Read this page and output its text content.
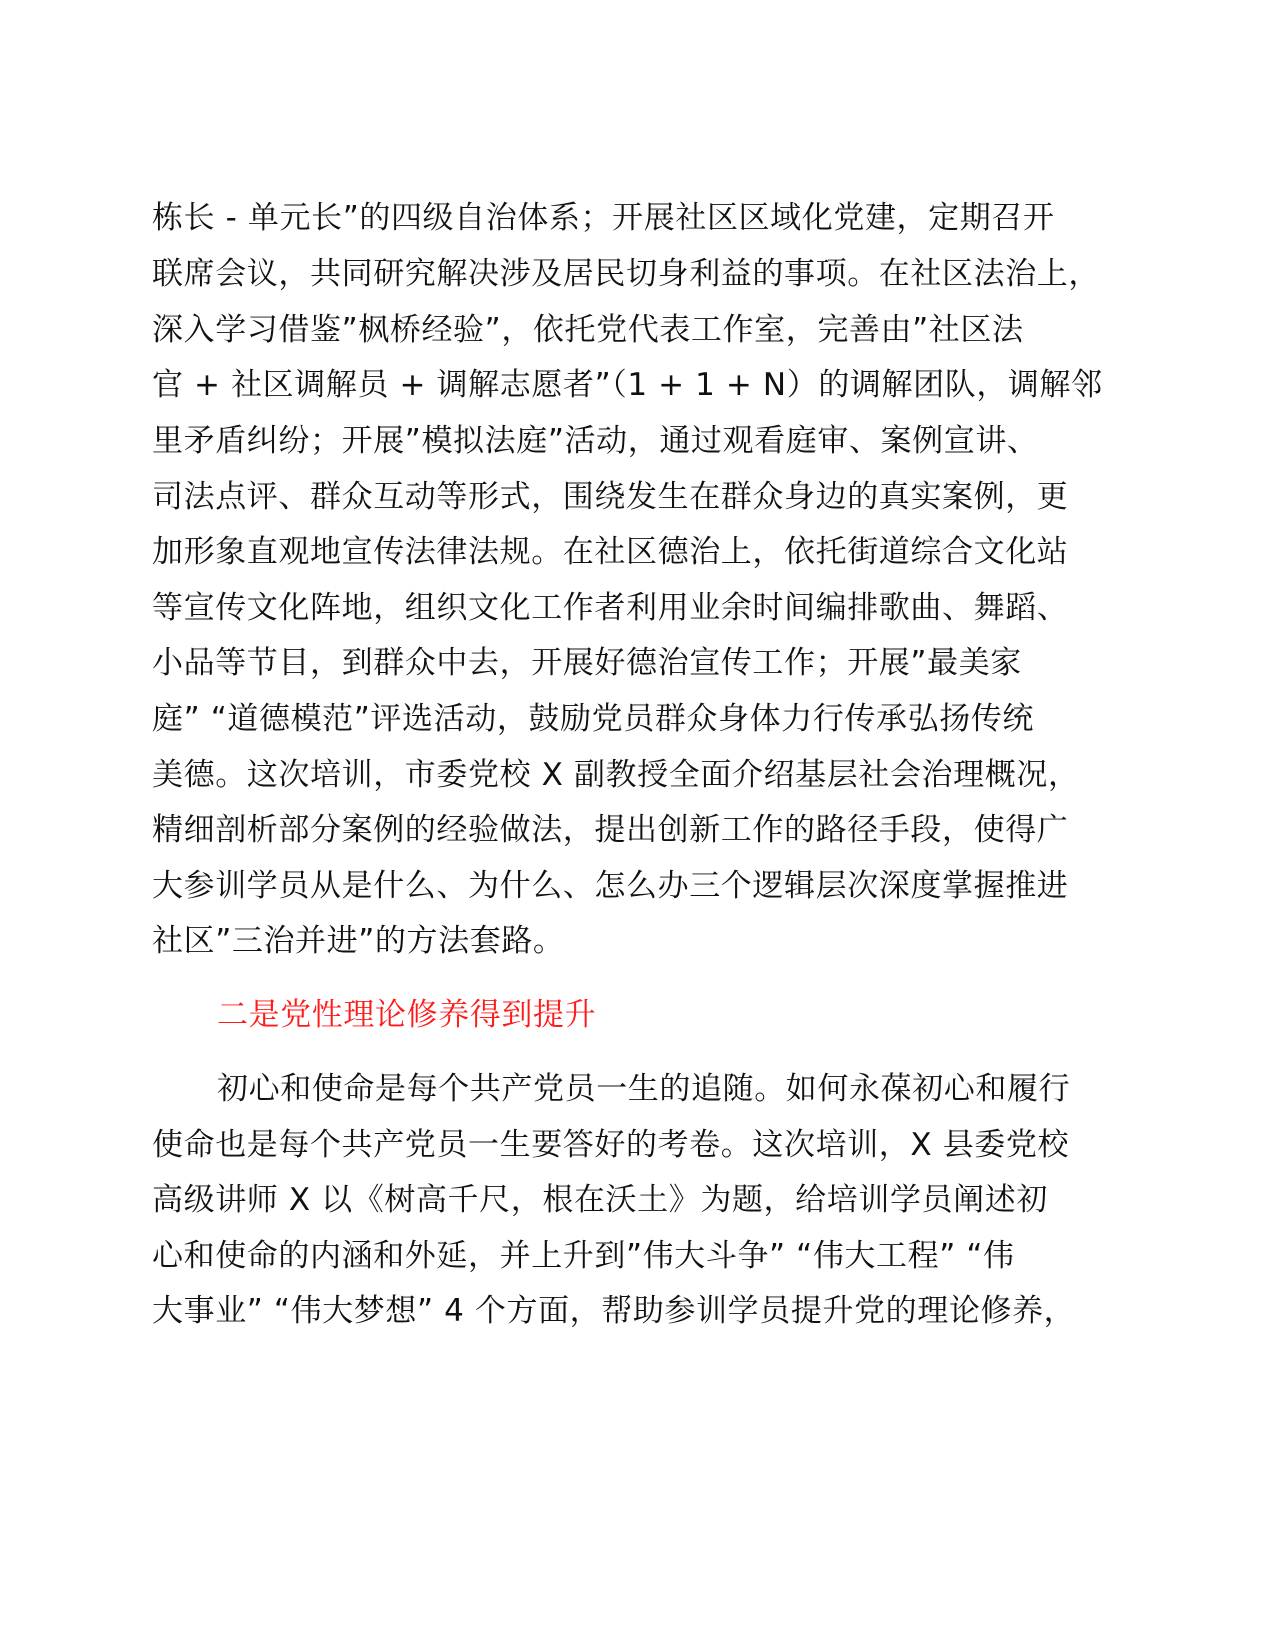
栋长 - 单元长”的四级自治体系；开展社区区域化党建，定期召开
联席会议，共同研究解决涉及居民切身利益的事项。在社区法治上，
深入学习借鉴”枫桥经验”，依托党代表工作室，完善由”社区法
官 + 社区调解员 + 调解志愿者”（1 + 1 + N）的调解团队，调解邻
里矛盾纠纷；开展”模拟法庭”活动，通过观看庭审、案例宣讲、
司法点评、群众互动等形式，围绕发生在群众身边的真实案例，更
加形象直观地宣传法律法规。在社区德治上，依托街道综合文化站
等宣传文化阵地，组织文化工作者利用业余时间编排歌曲、舞蹈、
小品等节目，到群众中去，开展好德治宣传工作；开展”最美家
庭” “道德模范”评选活动，鼓励党员群众身体力行传承弘扬传统
美德。这次培训，市委党校 X 副教授全面介绍基层社会治理概况，
精细剖析部分案例的经验做法，提出创新工作的路径手段，使得广
大参训学员从是什么、为什么、怎么办三个逻辑层次深度掌握推进
社区”三治并进”的方法套路。
二是党性理论修养得到提升
初心和使命是每个共产党员一生的追随。如何永葆初心和履行
使命也是每个共产党员一生要答好的考卷。这次培训，X 县委党校
高级讲师 X 以《树高千尺，根在沃土》为题，给培训学员阐述初
心和使命的内涵和外延，并上升到”伟大斗争” “伟大工程” “伟
大事业” “伟大梦想” 4 个方面，帮助参训学员提升党的理论修养，
